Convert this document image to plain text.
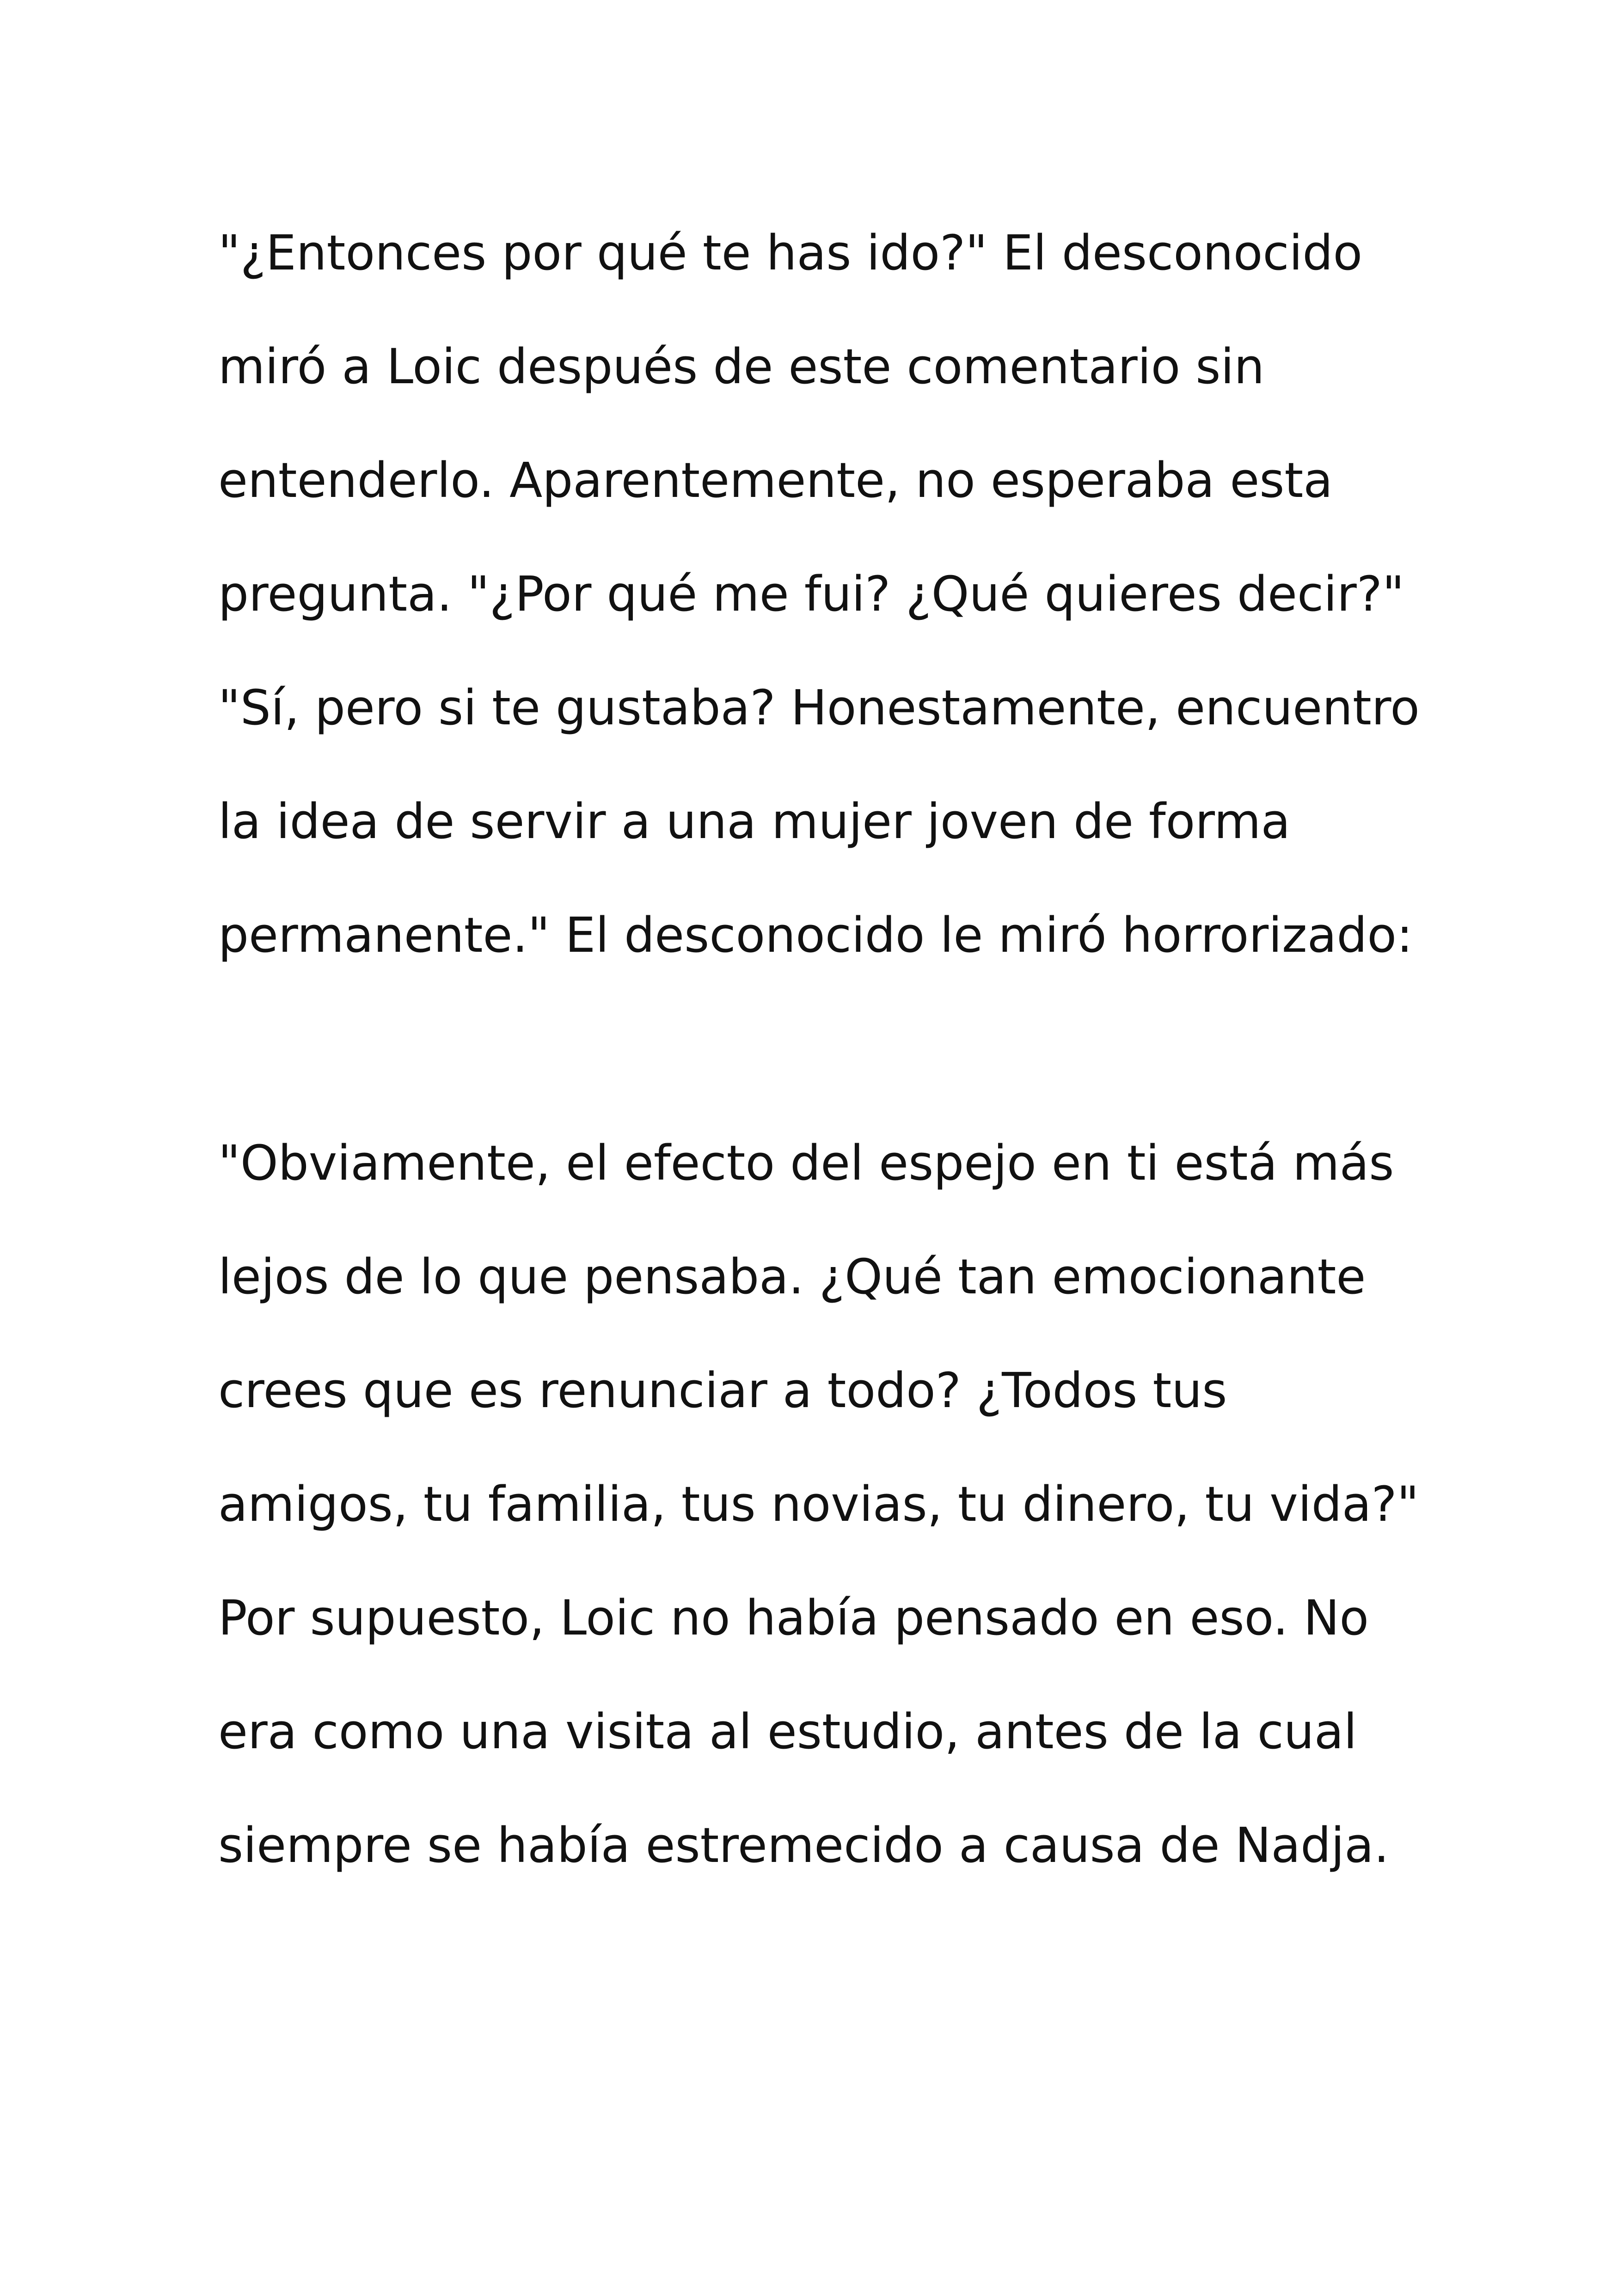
"¿Entonces por qué te has ido?" El desconocido
miró a Loic después de este comentario sin
entenderlo. Aparentemente, no esperaba esta
pregunta. "¿Por qué me fui? ¿Qué quieres decir?"
"Sí, pero si te gustaba? Honestamente, encuentro
la idea de servir a una mujer joven de forma
permanente." El desconocido le miró horrorizado:

"Obviamente, el efecto del espejo en ti está más
lejos de lo que pensaba. ¿Qué tan emocionante
crees que es renunciar a todo? ¿Todos tus
amigos, tu familia, tus novias, tu dinero, tu vida?"
Por supuesto, Loic no había pensado en eso. No
era como una visita al estudio, antes de la cual
siempre se había estremecido a causa de Nadja.
